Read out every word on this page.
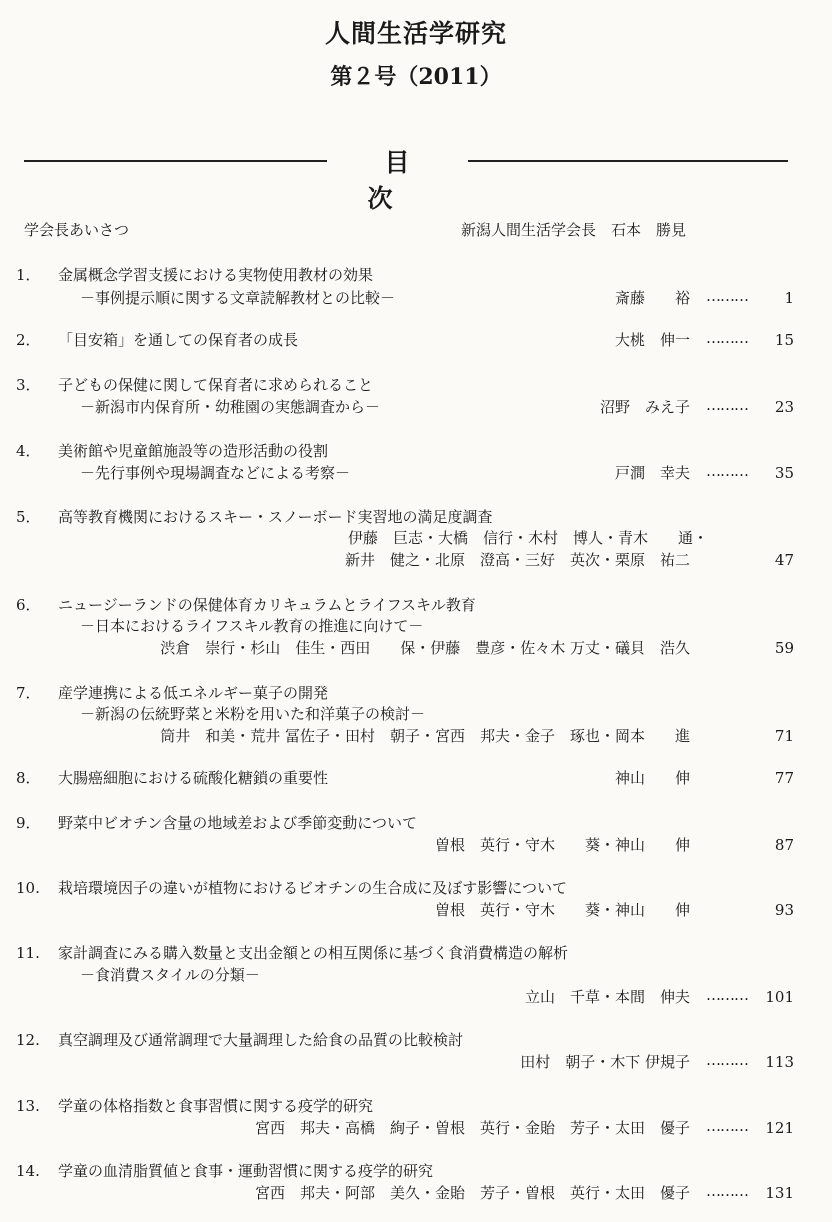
人間生活学研究
第２号（2011）
目 次
学会長あいさつ	新潟人間生活学会長　石本　勝見
1．	金属概念学習支援における実物使用教材の効果
－事例提示順に関する文章読解教材との比較－	斎藤　　裕 ……… 1
2．	「目安箱」を通しての保育者の成長	大桃　伸一 ……… 15
3．	子どもの保健に関して保育者に求められること
－新潟市内保育所・幼稚園の実態調査から－	沼野　みえ子 ……… 23
4．	美術館や児童館施設等の造形活動の役割
－先行事例や現場調査などによる考察－	戸澗　幸夫 ……… 35
5．	高等教育機関におけるスキー・スノーボード実習地の満足度調査
伊藤　巨志・大橋　信行・木村　博人・青木　　通・
新井　健之・北原　澄高・三好　英次・栗原　祐二	47
6．	ニュージーランドの保健体育カリキュラムとライフスキル教育
－日本におけるライフスキル教育の推進に向けて－
渋倉　崇行・杉山　佳生・西田　　保・伊藤　豊彦・佐々木 万丈・礒貝　浩久	59
7．	産学連携による低エネルギー菓子の開発
－新潟の伝統野菜と米粉を用いた和洋菓子の検討－
筒井　和美・荒井 冨佐子・田村　朝子・宮西　邦夫・金子　琢也・岡本　　進	71
8．	大腸癌細胞における硫酸化糖鎖の重要性	神山　　伸	77
9．	野菜中ビオチン含量の地域差および季節変動について
曽根　英行・守木　　葵・神山　　伸	87
10.	栽培環境因子の違いが植物におけるビオチンの生合成に及ぼす影響について
曽根　英行・守木　　葵・神山　　伸	93
11.	家計調査にみる購入数量と支出金額との相互関係に基づく食消費構造の解析
－食消費スタイルの分類－
立山　千草・本間　伸夫 ……… 101
12.	真空調理及び通常調理で大量調理した給食の品質の比較検討
田村　朝子・木下 伊規子 ……… 113
13.	学童の体格指数と食事習慣に関する疫学的研究
宮西　邦夫・高橋　絢子・曽根　英行・金貽　芳子・太田　優子 ……… 121
14.	学童の血清脂質値と食事・運動習慣に関する疫学的研究
宮西　邦夫・阿部　美久・金貽　芳子・曽根　英行・太田　優子 ……… 131
